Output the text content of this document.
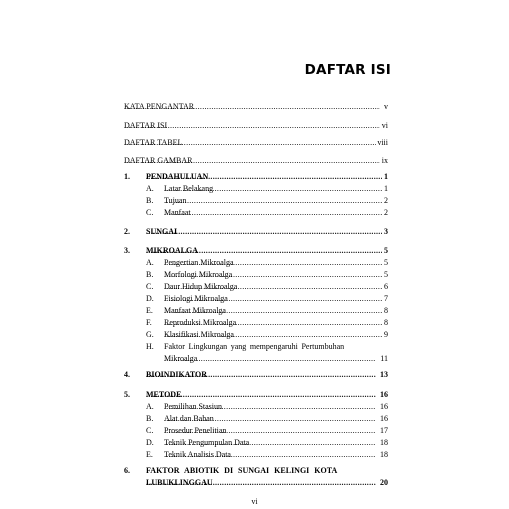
DAFTAR ISI
KATA PENGANTAR .....	v
DAFTAR ISI .....	vi
DAFTAR TABEL .....	viii
DAFTAR GAMBAR .....	ix
1. PENDAHULUAN .....	1
A. Latar Belakang .....	1
B. Tujuan .....	2
C. Manfaat .....	2
2. SUNGAI .....	3
3. MIKROALGA .....	5
A. Pengertian Mikroalga .....	5
B. Morfologi Mikroalga .....	5
C. Daur Hidup Mikroalga .....	6
D. Fisiologi Mikroalga .....	7
E. Manfaat Mikroalga .....	8
F. Reproduksi Mikroalga .....	8
G. Klasifikasi Mikroalga .....	9
H. Faktor Lingkungan yang mempengaruhi Pertumbuhan
Mikroalga .....	11
4. BIOINDIKATOR .....	13
5. METODE .....	16
A. Pemilihan Stasiun .....	16
B. Alat dan Bahan .....	16
C. Prosedur Penelitian .....	17
D. Teknik Pengumpulan Data .....	18
E. Teknik Analisis Data .....	18
6. FAKTOR ABIOTIK DI SUNGAI KELINGI KOTA
LUBUKLINGGAU .....	20
vi
